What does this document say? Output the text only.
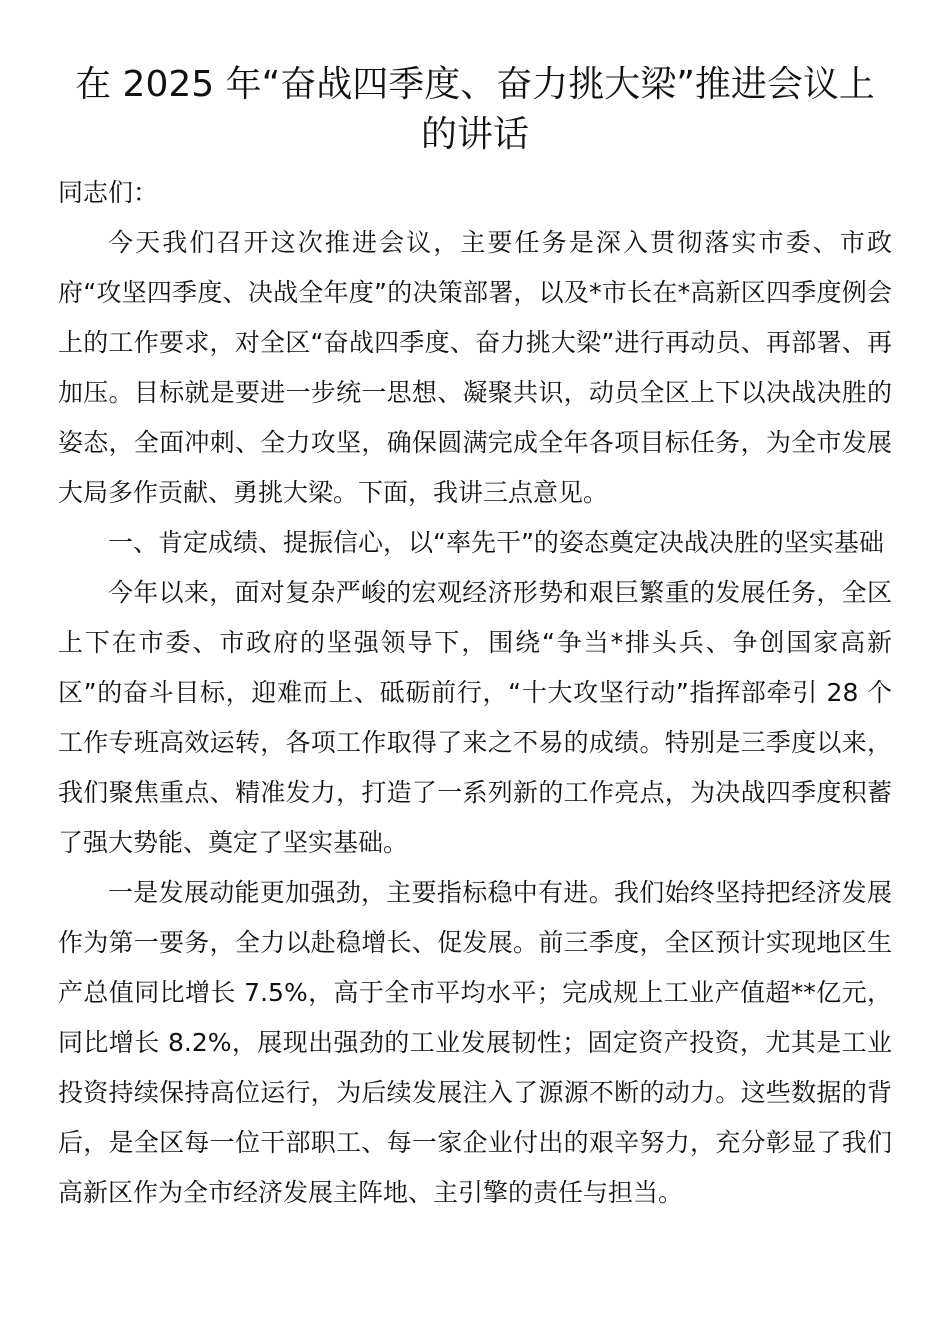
在 2025 年“奋战四季度、奋力挑大梁”推进会议上的讲话

同志们：

今天我们召开这次推进会议，主要任务是深入贯彻落实市委、市政府“攻坚四季度、决战全年度”的决策部署，以及*市长在*高新区四季度例会上的工作要求，对全区“奋战四季度、奋力挑大梁”进行再动员、再部署、再加压。目标就是要进一步统一思想、凝聚共识，动员全区上下以决战决胜的姿态，全面冲刺、全力攻坚，确保圆满完成全年各项目标任务，为全市发展大局多作贡献、勇挑大梁。下面，我讲三点意见。

一、肯定成绩、提振信心，以“率先干”的姿态奠定决战决胜的坚实基础

今年以来，面对复杂严峻的宏观经济形势和艰巨繁重的发展任务，全区上下在市委、市政府的坚强领导下，围绕“争当*排头兵、争创国家高新区”的奋斗目标，迎难而上、砥砺前行，“十大攻坚行动”指挥部牵引 28 个工作专班高效运转，各项工作取得了来之不易的成绩。特别是三季度以来，我们聚焦重点、精准发力，打造了一系列新的工作亮点，为决战四季度积蓄了强大势能、奠定了坚实基础。

一是发展动能更加强劲，主要指标稳中有进。我们始终坚持把经济发展作为第一要务，全力以赴稳增长、促发展。前三季度，全区预计实现地区生产总值同比增长 7.5%，高于全市平均水平；完成规上工业产值超**亿元，同比增长 8.2%，展现出强劲的工业发展韧性；固定资产投资，尤其是工业投资持续保持高位运行，为后续发展注入了源源不断的动力。这些数据的背后，是全区每一位干部职工、每一家企业付出的艰辛努力，充分彰显了我们高新区作为全市经济发展主阵地、主引擎的责任与担当。
